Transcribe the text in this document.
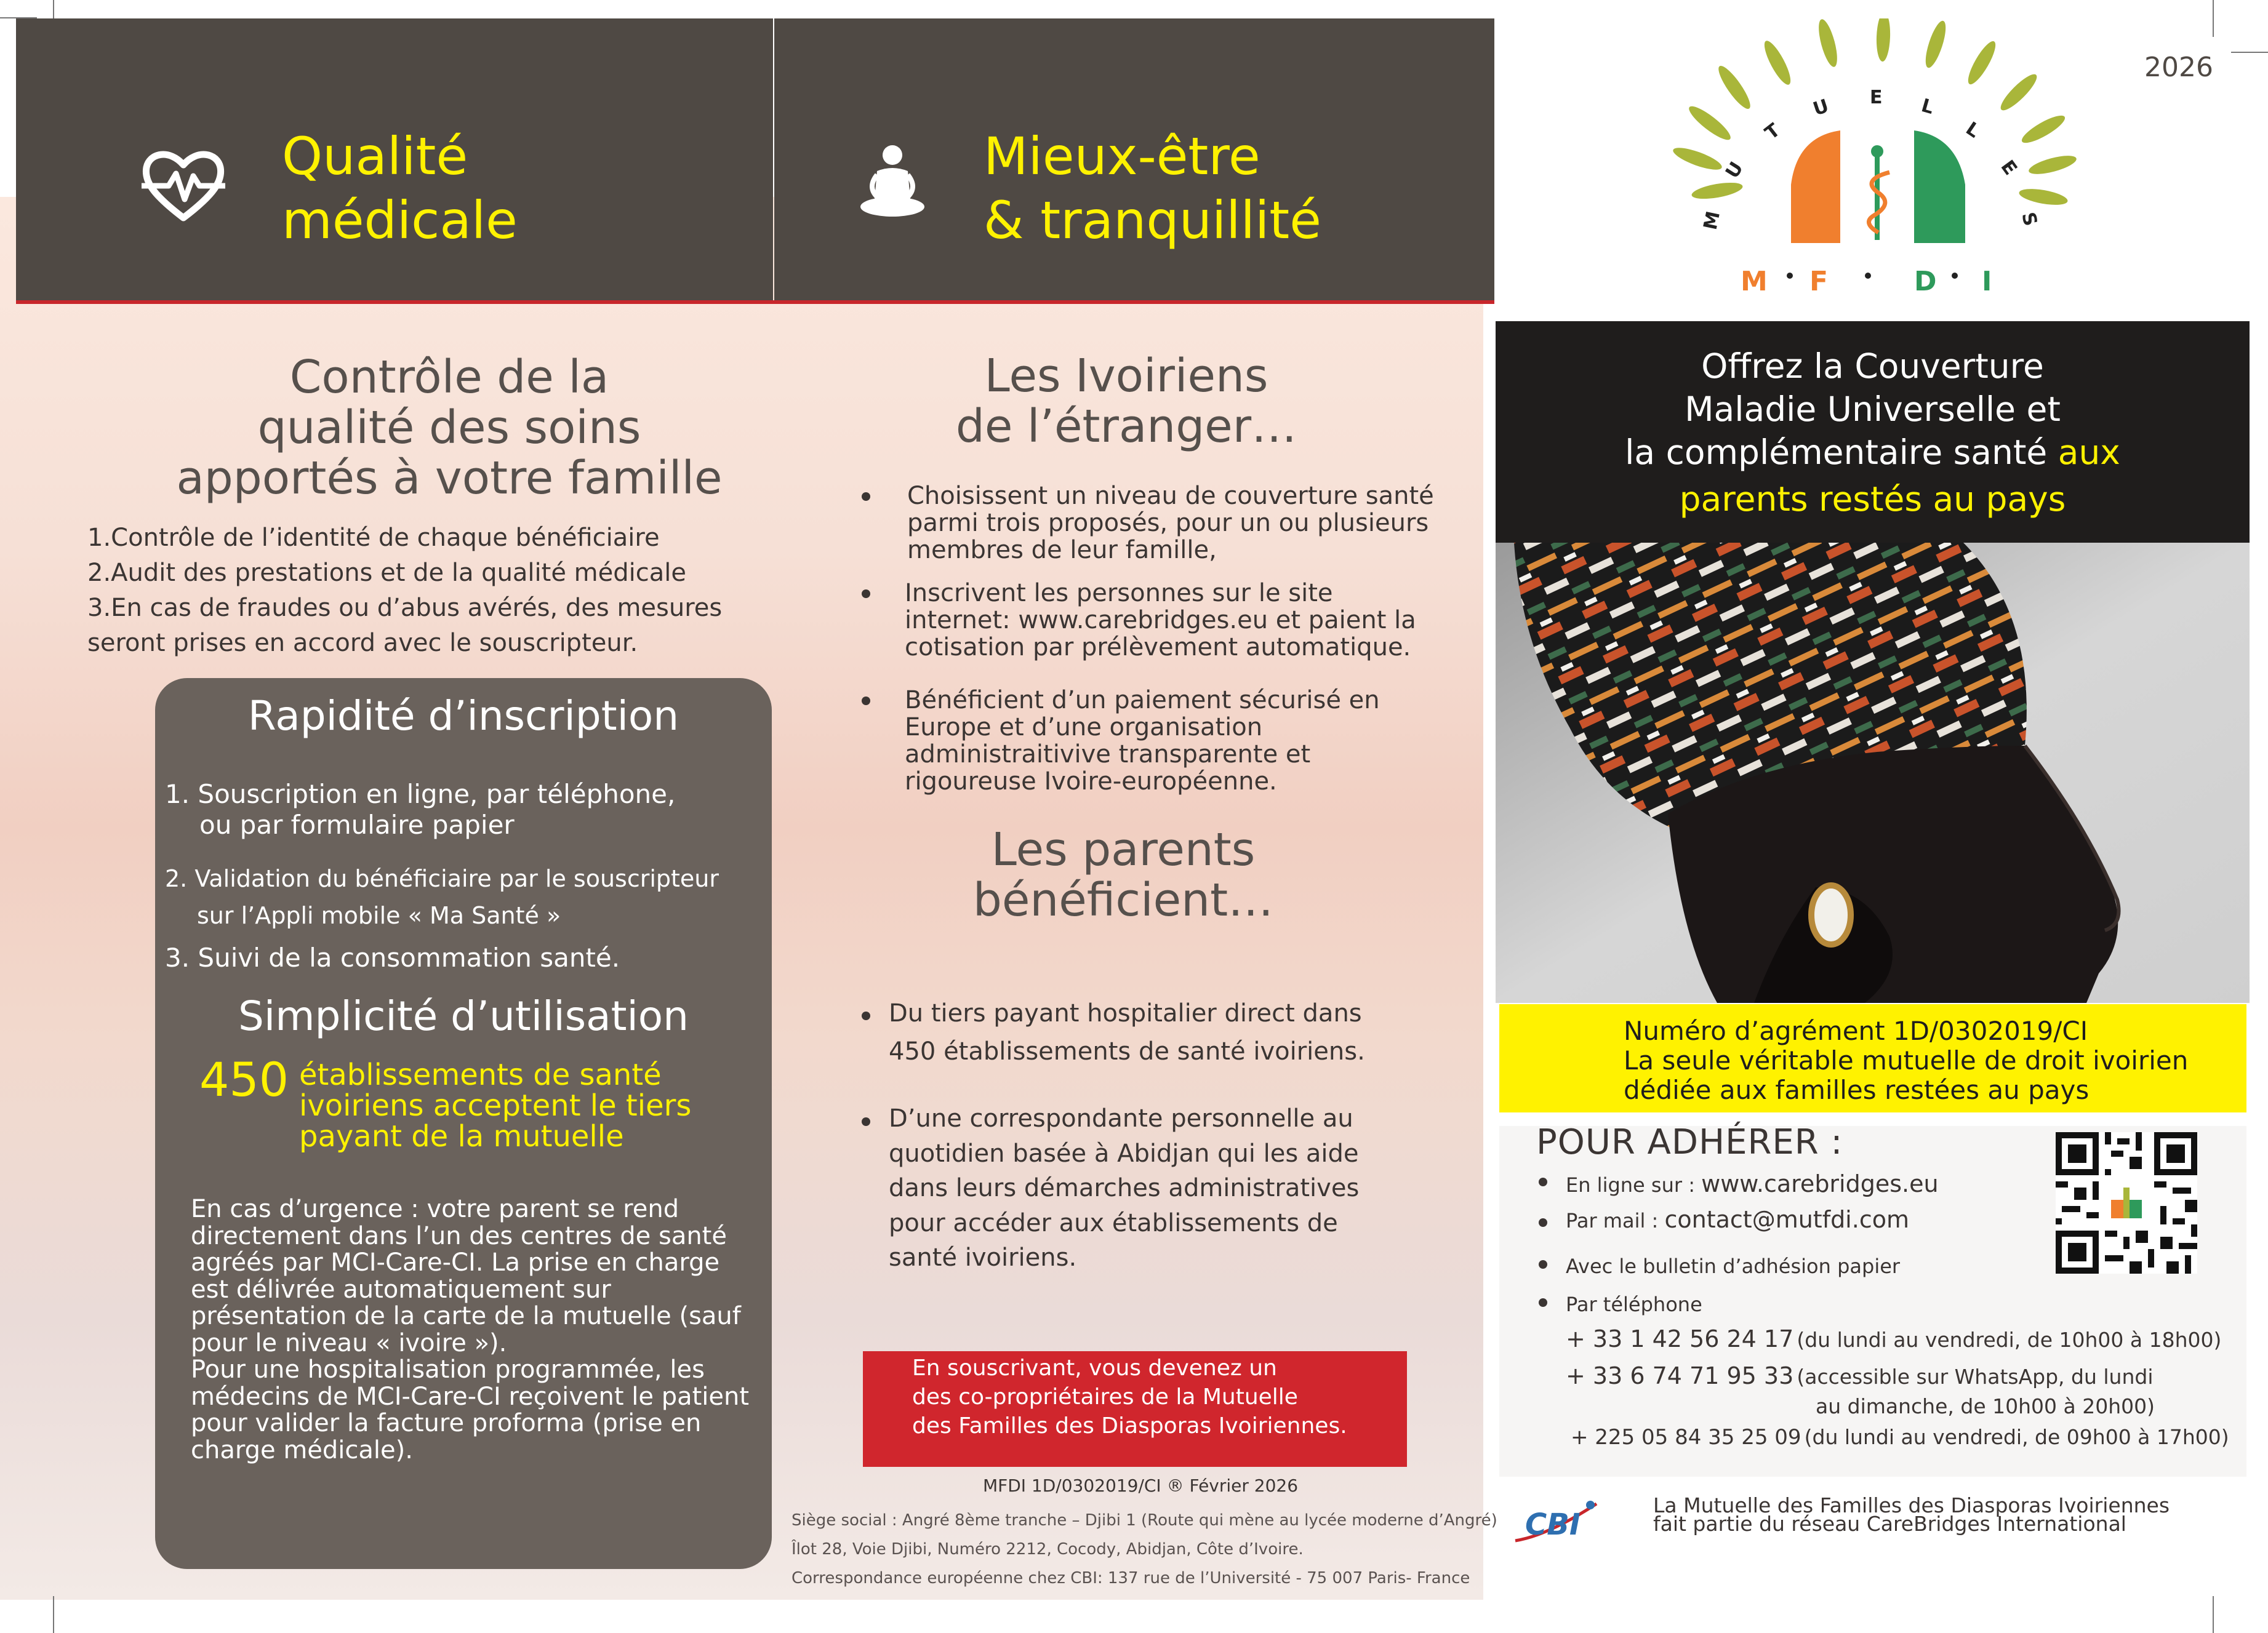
Qualité
médicale
Mieux-être
& tranquillité
Contrôle de la
qualité des soins
apportés à votre famille
1.Contrôle de l’identité de chaque bénéficiaire
2.Audit des prestations et de la qualité médicale
3.En cas de fraudes ou d’abus avérés, des mesures
seront prises en accord avec le souscripteur.
Rapidité d’inscription
1. Souscription en ligne, par téléphone,
ou par formulaire papier
2. Validation du bénéficiaire par le souscripteur
sur l’Appli mobile « Ma Santé »
3. Suivi de la consommation santé.
Simplicité d’utilisation
450 établissements de santé
ivoiriens acceptent le tiers
payant de la mutuelle
En cas d’urgence : votre parent se rend
directement dans l’un des centres de santé
agréés par MCI-Care-CI. La prise en charge
est délivrée automatiquement sur
présentation de la carte de la mutuelle (sauf
pour le niveau « ivoire »).
Pour une hospitalisation programmée, les
médecins de MCI-Care-CI reçoivent le patient
pour valider la facture proforma (prise en
charge médicale).
Les Ivoiriens
de l’étranger…
Choisissent un niveau de couverture santé
parmi trois proposés, pour un ou plusieurs
membres de leur famille,
Inscrivent les personnes sur le site
internet: www.carebridges.eu et paient la
cotisation par prélèvement automatique.
Bénéficient d’un paiement sécurisé en
Europe et d’une organisation
administraitivive transparente et
rigoureuse Ivoire-européenne.
Les parents
bénéficient…
Du tiers payant hospitalier direct dans
450 établissements de santé ivoiriens.
D’une correspondante personnelle au
quotidien basée à Abidjan qui les aide
dans leurs démarches administratives
pour accéder aux établissements de
santé ivoiriens.
En souscrivant, vous devenez un
des co-propriétaires de la Mutuelle
des Familles des Diasporas Ivoiriennes.
MFDI 1D/0302019/CI ® Février 2026
Siège social : Angré 8ème tranche – Djibi 1 (Route qui mène au lycée moderne d’Angré)
Îlot 28, Voie Djibi, Numéro 2212, Cocody, Abidjan, Côte d’Ivoire.
Correspondance européenne chez CBI: 137 rue de l’Université - 75 007 Paris- France
2026
M
U
T
U E L
L
E
S
M F	D I
Offrez la Couverture
Maladie Universelle et
la complémentaire santé aux
parents restés au pays
Numéro d’agrément 1D/0302019/CI
La seule véritable mutuelle de droit ivoirien
dédiée aux familles restées au pays
POUR ADHÉRER :
En ligne sur : www.carebridges.eu
Par mail : contact@mutfdi.com
Avec le bulletin d’adhésion papier
Par téléphone
+ 33 1 42 56 24 17 (du lundi au vendredi, de 10h00 à 18h00)
+ 33 6 74 71 95 33 (accessible sur WhatsApp, du lundi
au dimanche, de 10h00 à 20h00)
+ 225 05 84 35 25 09 (du lundi au vendredi, de 09h00 à 17h00)
CBI
La Mutuelle des Familles des Diasporas Ivoiriennes
fait partie du réseau CareBridges International
